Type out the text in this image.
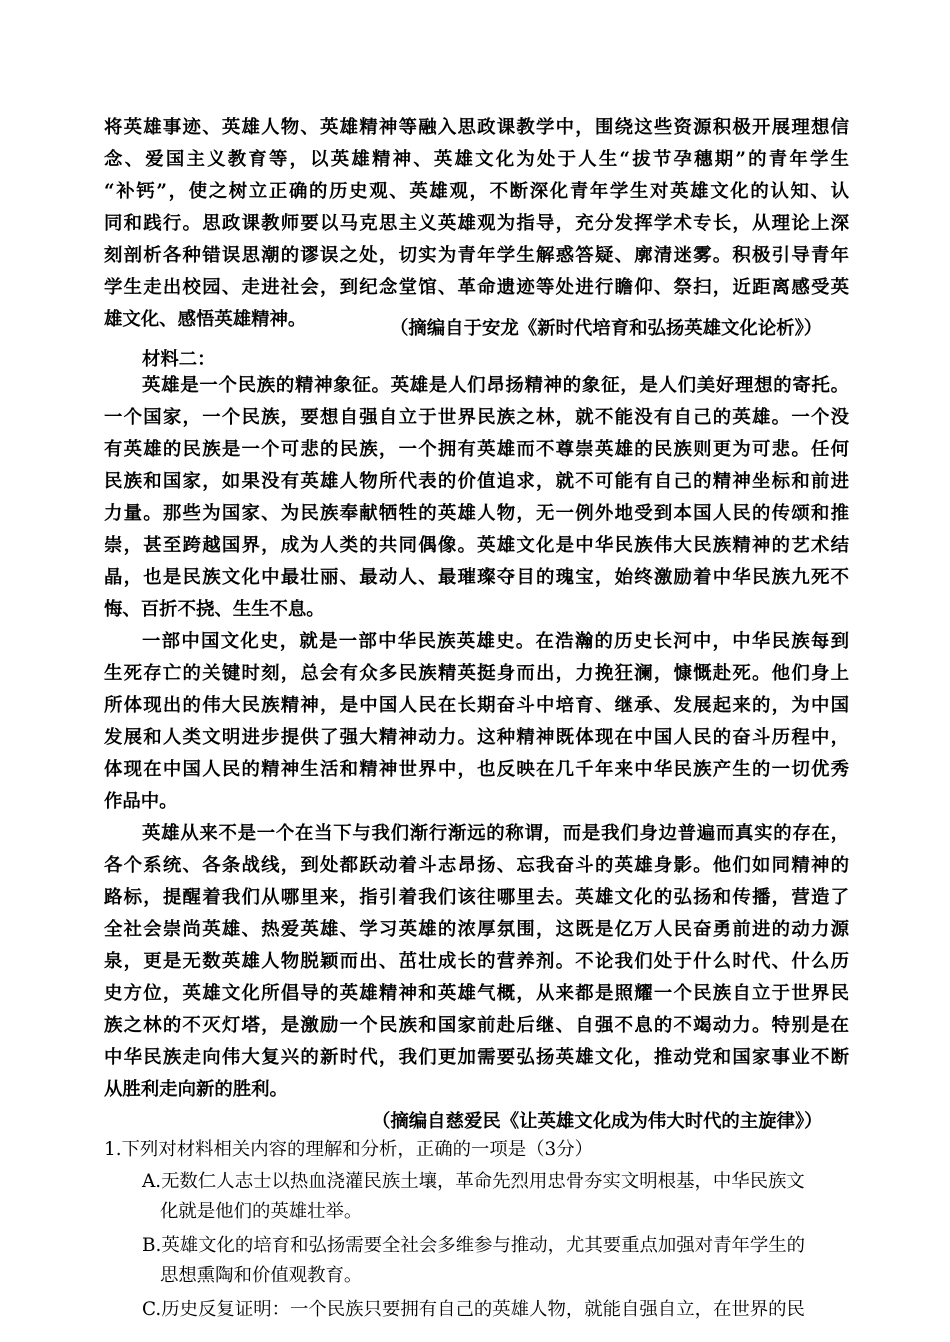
将英雄事迹、英雄人物、英雄精神等融入思政课教学中，围绕这些资源积极开展理想信
念、爱国主义教育等，以英雄精神、英雄文化为处于人生“拔节孕穗期”的青年学生
“补钙”，使之树立正确的历史观、英雄观，不断深化青年学生对英雄文化的认知、认
同和践行。思政课教师要以马克思主义英雄观为指导，充分发挥学术专长，从理论上深
刻剖析各种错误思潮的谬误之处，切实为青年学生解惑答疑、廓清迷雾。积极引导青年
学生走出校园、走进社会，到纪念堂馆、革命遗迹等处进行瞻仰、祭扫，近距离感受英
雄文化、感悟英雄精神。	（摘编自于安龙《新时代培育和弘扬英雄文化论析》）
材料二：
英雄是一个民族的精神象征。英雄是人们昂扬精神的象征，是人们美好理想的寄托。
一个国家，一个民族，要想自强自立于世界民族之林，就不能没有自己的英雄。一个没
有英雄的民族是一个可悲的民族，一个拥有英雄而不尊崇英雄的民族则更为可悲。任何
民族和国家，如果没有英雄人物所代表的价值追求，就不可能有自己的精神坐标和前进
力量。那些为国家、为民族奉献牺牲的英雄人物，无一例外地受到本国人民的传颂和推
崇，甚至跨越国界，成为人类的共同偶像。英雄文化是中华民族伟大民族精神的艺术结
晶，也是民族文化中最壮丽、最动人、最璀璨夺目的瑰宝，始终激励着中华民族九死不
悔、百折不挠、生生不息。
一部中国文化史，就是一部中华民族英雄史。在浩瀚的历史长河中，中华民族每到
生死存亡的关键时刻，总会有众多民族精英挺身而出，力挽狂澜，慷慨赴死。他们身上
所体现出的伟大民族精神，是中国人民在长期奋斗中培育、继承、发展起来的，为中国
发展和人类文明进步提供了强大精神动力。这种精神既体现在中国人民的奋斗历程中，
体现在中国人民的精神生活和精神世界中，也反映在几千年来中华民族产生的一切优秀
作品中。
英雄从来不是一个在当下与我们渐行渐远的称谓，而是我们身边普遍而真实的存在，
各个系统、各条战线，到处都跃动着斗志昂扬、忘我奋斗的英雄身影。他们如同精神的
路标，提醒着我们从哪里来，指引着我们该往哪里去。英雄文化的弘扬和传播，营造了
全社会崇尚英雄、热爱英雄、学习英雄的浓厚氛围，这既是亿万人民奋勇前进的动力源
泉，更是无数英雄人物脱颖而出、茁壮成长的营养剂。不论我们处于什么时代、什么历
史方位，英雄文化所倡导的英雄精神和英雄气概，从来都是照耀一个民族自立于世界民
族之林的不灭灯塔，是激励一个民族和国家前赴后继、自强不息的不竭动力。特别是在
中华民族走向伟大复兴的新时代，我们更加需要弘扬英雄文化，推动党和国家事业不断
从胜利走向新的胜利。
（摘编自慈爱民《让英雄文化成为伟大时代的主旋律》）
1.下列对材料相关内容的理解和分析，正确的一项是（3分）
A.无数仁人志士以热血浇灌民族土壤，革命先烈用忠骨夯实文明根基，中华民族文
化就是他们的英雄壮举。
B.英雄文化的培育和弘扬需要全社会多维参与推动，尤其要重点加强对青年学生的
思想熏陶和价值观教育。
C.历史反复证明：一个民族只要拥有自己的英雄人物，就能自强自立，在世界的民
